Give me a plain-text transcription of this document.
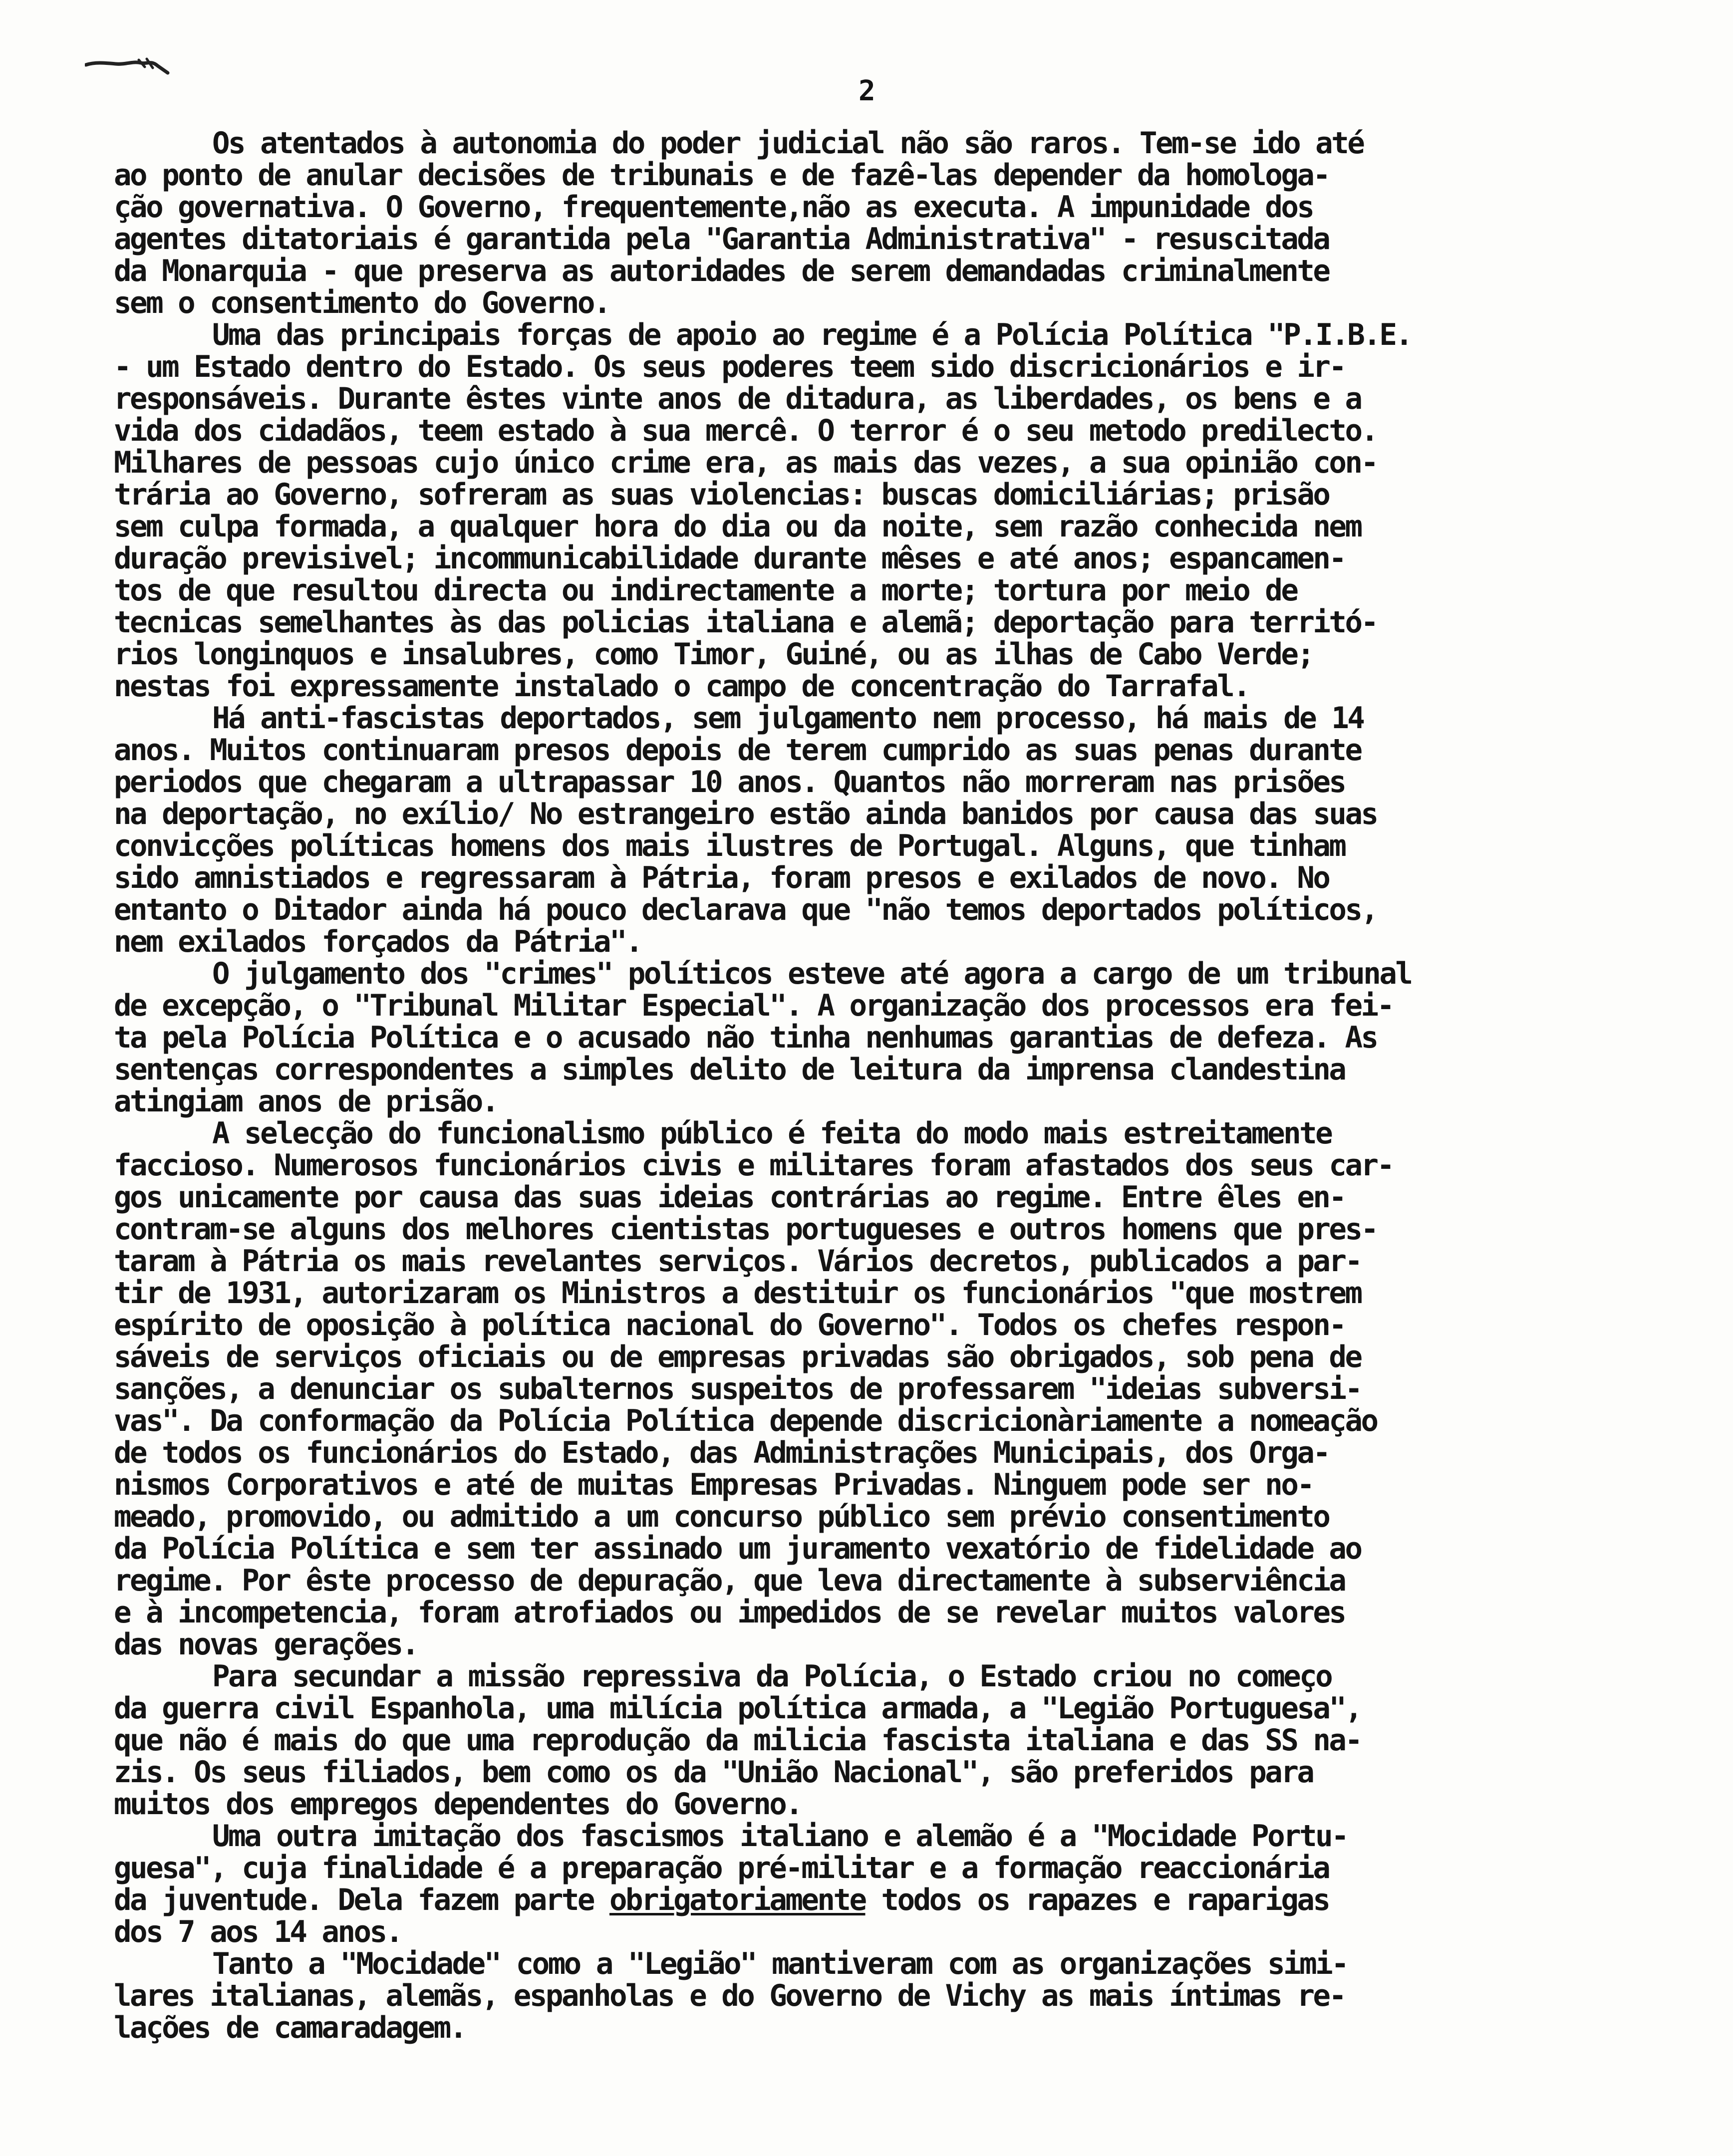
2
Os atentados à autonomia do poder judicial não são raros. Tem-se ido até
ao ponto de anular decisões de tribunais e de fazê-las depender da homologa-
ção governativa. O Governo, frequentemente,não as executa. A impunidade dos
agentes ditatoriais é garantida pela "Garantia Administrativa" - resuscitada
da Monarquia - que preserva as autoridades de serem demandadas criminalmente
sem o consentimento do Governo.
Uma das principais forças de apoio ao regime é a Polícia Política "P.I.B.E.
- um Estado dentro do Estado. Os seus poderes teem sido discricionários e ir-
responsáveis. Durante êstes vinte anos de ditadura, as liberdades, os bens e a
vida dos cidadãos, teem estado à sua mercê. O terror é o seu metodo predilecto.
Milhares de pessoas cujo único crime era, as mais das vezes, a sua opinião con-
trária ao Governo, sofreram as suas violencias: buscas domiciliárias; prisão
sem culpa formada, a qualquer hora do dia ou da noite, sem razão conhecida nem
duração previsivel; incommunicabilidade durante mêses e até anos; espancamen-
tos de que resultou directa ou indirectamente a morte; tortura por meio de
tecnicas semelhantes às das policias italiana e alemã; deportação para territó-
rios longinquos e insalubres, como Timor, Guiné, ou as ilhas de Cabo Verde;
nestas foi expressamente instalado o campo de concentração do Tarrafal.
Há anti-fascistas deportados, sem julgamento nem processo, há mais de 14
anos. Muitos continuaram presos depois de terem cumprido as suas penas durante
periodos que chegaram a ultrapassar 10 anos. Quantos não morreram nas prisões
na deportação, no exílio/ No estrangeiro estão ainda banidos por causa das suas
convicções políticas homens dos mais ilustres de Portugal. Alguns, que tinham
sido amnistiados e regressaram à Pátria, foram presos e exilados de novo. No
entanto o Ditador ainda há pouco declarava que "não temos deportados políticos,
nem exilados forçados da Pátria".
O julgamento dos "crimes" políticos esteve até agora a cargo de um tribunal
de excepção, o "Tribunal Militar Especial". A organização dos processos era fei-
ta pela Polícia Política e o acusado não tinha nenhumas garantias de defeza. As
sentenças correspondentes a simples delito de leitura da imprensa clandestina
atingiam anos de prisão.
A selecção do funcionalismo público é feita do modo mais estreitamente
faccioso. Numerosos funcionários civis e militares foram afastados dos seus car-
gos unicamente por causa das suas ideias contrárias ao regime. Entre êles en-
contram-se alguns dos melhores cientistas portugueses e outros homens que pres-
taram à Pátria os mais revelantes serviços. Vários decretos, publicados a par-
tir de 1931, autorizaram os Ministros a destituir os funcionários "que mostrem
espírito de oposição à política nacional do Governo". Todos os chefes respon-
sáveis de serviços oficiais ou de empresas privadas são obrigados, sob pena de
sanções, a denunciar os subalternos suspeitos de professarem "ideias subversi-
vas". Da conformação da Polícia Política depende discricionàriamente a nomeação
de todos os funcionários do Estado, das Administrações Municipais, dos Orga-
nismos Corporativos e até de muitas Empresas Privadas. Ninguem pode ser no-
meado, promovido, ou admitido a um concurso público sem prévio consentimento
da Polícia Política e sem ter assinado um juramento vexatório de fidelidade ao
regime. Por êste processo de depuração, que leva directamente à subserviência
e à incompetencia, foram atrofiados ou impedidos de se revelar muitos valores
das novas gerações.
Para secundar a missão repressiva da Polícia, o Estado criou no começo
da guerra civil Espanhola, uma milícia política armada, a "Legião Portuguesa",
que não é mais do que uma reprodução da milicia fascista italiana e das SS na-
zis. Os seus filiados, bem como os da "União Nacional", são preferidos para
muitos dos empregos dependentes do Governo.
Uma outra imitação dos fascismos italiano e alemão é a "Mocidade Portu-
guesa", cuja finalidade é a preparação pré-militar e a formação reaccionária
da juventude. Dela fazem parte obrigatoriamente todos os rapazes e raparigas
dos 7 aos 14 anos.
Tanto a "Mocidade" como a "Legião" mantiveram com as organizações simi-
lares italianas, alemãs, espanholas e do Governo de Vichy as mais íntimas re-
lações de camaradagem.
